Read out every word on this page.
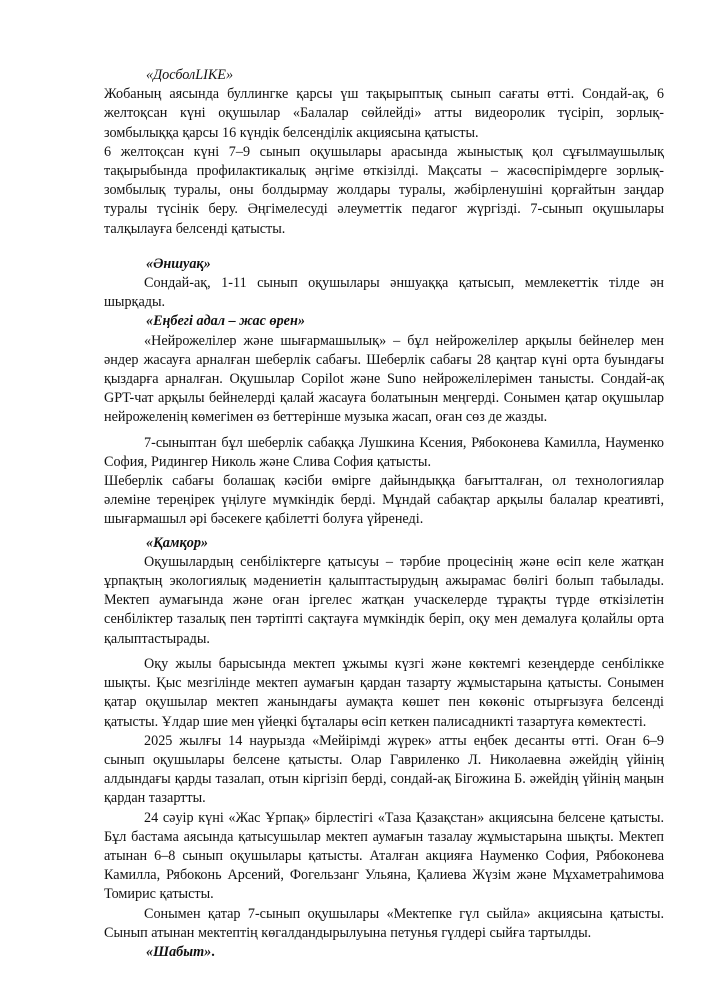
«ДосболLIKE»

Жобаның аясында буллингке қарсы үш тақырыптық сынып сағаты өтті. Сондай-ақ, 6 желтоқсан күні оқушылар «Балалар сөйлейді» атты видеоролик түсіріп, зорлық-зомбылыққа қарсы 16 күндік белсенділік акциясына қатысты.

6 желтоқсан күні 7–9 сынып оқушылары арасында жыныстық қол сұғылмаушылық тақырыбында профилактикалық әңгіме өткізілді. Мақсаты – жасөспірімдерге зорлық-зомбылық туралы, оны болдырмау жолдары туралы, жәбірленушіні қорғайтын заңдар туралы түсінік беру. Әңгімелесуді әлеуметтік педагог жүргізді. 7-сынып оқушылары талқылауға белсенді қатысты.

«Әншуақ»

Сондай-ақ, 1-11 сынып оқушылары әншуаққа қатысып, мемлекеттік тілде ән шырқады.

«Еңбегі адал – жас өрен»

«Нейрожелілер және шығармашылық» – бұл нейрожелілер арқылы бейнелер мен әндер жасауға арналған шеберлік сабағы. Шеберлік сабағы 28 қаңтар күні орта буындағы қыздарға арналған. Оқушылар Copilot және Suno нейрожелілерімен танысты. Сондай-ақ GPT-чат арқылы бейнелерді қалай жасауға болатынын меңгерді. Сонымен қатар оқушылар нейрожеленің көмегімен өз беттерінше музыка жасап, оған сөз де жазды.

7-сыныптан бұл шеберлік сабаққа Лушкина Ксения, Рябоконева Камилла, Науменко София, Ридингер Николь және Слива София қатысты.

Шеберлік сабағы болашақ кәсіби өмірге дайындыққа бағытталған, ол технологиялар әлеміне тереңірек үңілуге мүмкіндік берді. Мұндай сабақтар арқылы балалар креативті, шығармашыл әрі бәсекеге қабілетті болуға үйренеді.

«Қамқор»

Оқушылардың сенбіліктерге қатысуы – тәрбие процесінің және өсіп келе жатқан ұрпақтың экологиялық мәдениетін қалыптастырудың ажырамас бөлігі болып табылады. Мектеп аумағында және оған іргелес жатқан учаскелерде тұрақты түрде өткізілетін сенбіліктер тазалық пен тәртіпті сақтауға мүмкіндік беріп, оқу мен демалуға қолайлы орта қалыптастырады.

Оқу жылы барысында мектеп ұжымы күзгі және көктемгі кезеңдерде сенбілікке шықты. Қыс мезгілінде мектеп аумағын қардан тазарту жұмыстарына қатысты. Сонымен қатар оқушылар мектеп жанындағы аумақта көшет пен көкөніс отырғызуға белсенді қатысты. Ұлдар шие мен үйеңкі бұталары өсіп кеткен палисадникті тазартуға көмектесті.

2025 жылғы 14 наурызда «Мейірімді жүрек» атты еңбек десанты өтті. Оған 6–9 сынып оқушылары белсене қатысты. Олар Гавриленко Л. Николаевна әжейдің үйінің алдындағы қарды тазалап, отын кіргізіп берді, сондай-ақ Бігожина Б. әжейдің үйінің маңын қардан тазартты.

24 сәуір күні «Жас Ұрпақ» бірлестігі «Таза Қазақстан» акциясына белсене қатысты. Бұл бастама аясында қатысушылар мектеп аумағын тазалау жұмыстарына шықты. Мектеп атынан 6–8 сынып оқушылары қатысты. Аталған акцияға Науменко София, Рябоконева Камилла, Рябоконь Арсений, Фогельзанг Ульяна, Қалиева Жүзім және Мұхаметраһимова Томирис қатысты.

Сонымен қатар 7-сынып оқушылары «Мектепке гүл сыйла» акциясына қатысты. Сынып атынан мектептің көгалдандырылуына петунья гүлдері сыйға тартылды.

«Шабыт».
